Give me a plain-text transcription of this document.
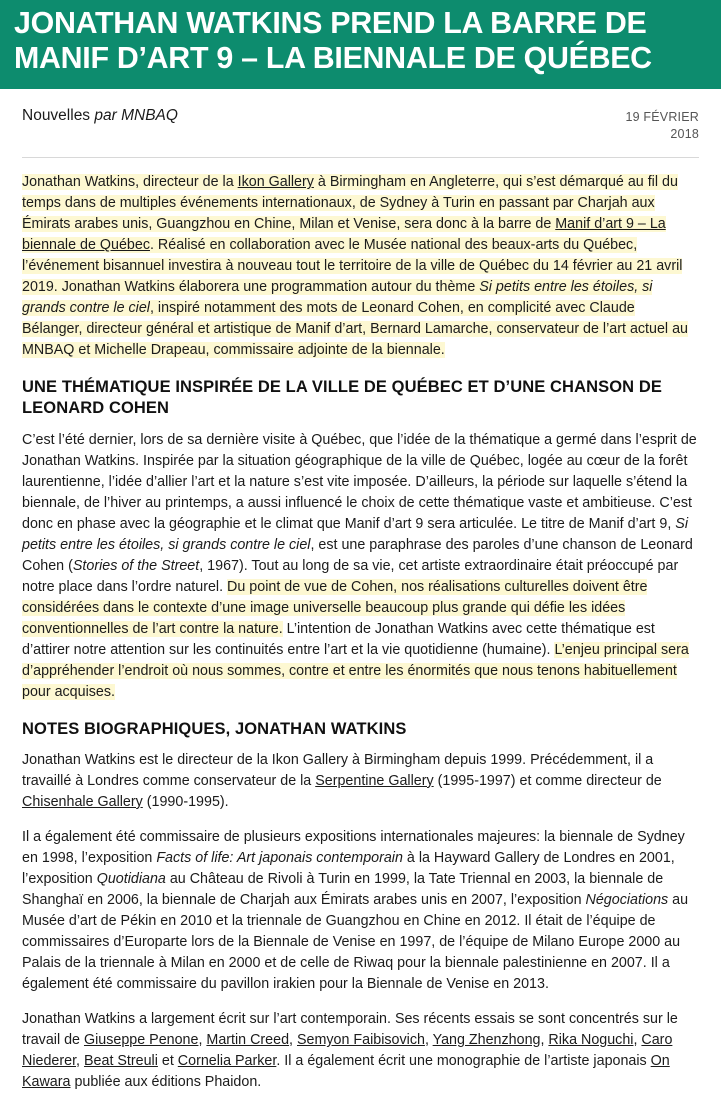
JONATHAN WATKINS PREND LA BARRE DE MANIF D’ART 9 – LA BIENNALE DE QUÉBEC
Nouvelles par MNBAQ	19 FÉVRIER
2018

Jonathan Watkins, directeur de la Ikon Gallery à Birmingham en Angleterre, qui s’est démarqué au fil du temps dans de multiples événements internationaux, de Sydney à Turin en passant par Charjah aux Émirats arabes unis, Guangzhou en Chine, Milan et Venise, sera donc à la barre de Manif d’art 9 – La biennale de Québec. Réalisé en collaboration avec le Musée national des beaux-arts du Québec, l’événement bisannuel investira à nouveau tout le territoire de la ville de Québec du 14 février au 21 avril 2019. Jonathan Watkins élaborera une programmation autour du thème Si petits entre les étoiles, si grands contre le ciel, inspiré notamment des mots de Leonard Cohen, en complicité avec Claude Bélanger, directeur général et artistique de Manif d’art, Bernard Lamarche, conservateur de l’art actuel au MNBAQ et Michelle Drapeau, commissaire adjointe de la biennale.

UNE THÉMATIQUE INSPIRÉE DE LA VILLE DE QUÉBEC ET D’UNE CHANSON DE LEONARD COHEN

C’est l’été dernier, lors de sa dernière visite à Québec, que l’idée de la thématique a germé dans l’esprit de Jonathan Watkins. Inspirée par la situation géographique de la ville de Québec, logée au cœur de la forêt laurentienne, l’idée d’allier l’art et la nature s’est vite imposée. D’ailleurs, la période sur laquelle s’étend la biennale, de l’hiver au printemps, a aussi influencé le choix de cette thématique vaste et ambitieuse. C’est donc en phase avec la géographie et le climat que Manif d’art 9 sera articulée. Le titre de Manif d’art 9, Si petits entre les étoiles, si grands contre le ciel, est une paraphrase des paroles d’une chanson de Leonard Cohen (Stories of the Street, 1967). Tout au long de sa vie, cet artiste extraordinaire était préoccupé par notre place dans l’ordre naturel. Du point de vue de Cohen, nos réalisations culturelles doivent être considérées dans le contexte d’une image universelle beaucoup plus grande qui défie les idées conventionnelles de l’art contre la nature. L’intention de Jonathan Watkins avec cette thématique est d’attirer notre attention sur les continuités entre l’art et la vie quotidienne (humaine). L’enjeu principal sera d’appréhender l’endroit où nous sommes, contre et entre les énormités que nous tenons habituellement pour acquises.

NOTES BIOGRAPHIQUES, JONATHAN WATKINS

Jonathan Watkins est le directeur de la Ikon Gallery à Birmingham depuis 1999. Précédemment, il a travaillé à Londres comme conservateur de la Serpentine Gallery (1995-1997) et comme directeur de Chisenhale Gallery (1990-1995).

Il a également été commissaire de plusieurs expositions internationales majeures: la biennale de Sydney en 1998, l’exposition Facts of life: Art japonais contemporain à la Hayward Gallery de Londres en 2001, l’exposition Quotidiana au Château de Rivoli à Turin en 1999, la Tate Triennal en 2003, la biennale de Shanghaï en 2006, la biennale de Charjah aux Émirats arabes unis en 2007, l’exposition Négociations au Musée d’art de Pékin en 2010 et la triennale de Guangzhou en Chine en 2012. Il était de l’équipe de commissaires d’Europarte lors de la Biennale de Venise en 1997, de l’équipe de Milano Europe 2000 au Palais de la triennale à Milan en 2000 et de celle de Riwaq pour la biennale palestinienne en 2007. Il a également été commissaire du pavillon irakien pour la Biennale de Venise en 2013.

Jonathan Watkins a largement écrit sur l’art contemporain. Ses récents essais se sont concentrés sur le travail de Giuseppe Penone, Martin Creed, Semyon Faibisovich, Yang Zhenzhong, Rika Noguchi, Caro Niederer, Beat Streuli et Cornelia Parker. Il a également écrit une monographie de l’artiste japonais On Kawara publiée aux éditions Phaidon.
